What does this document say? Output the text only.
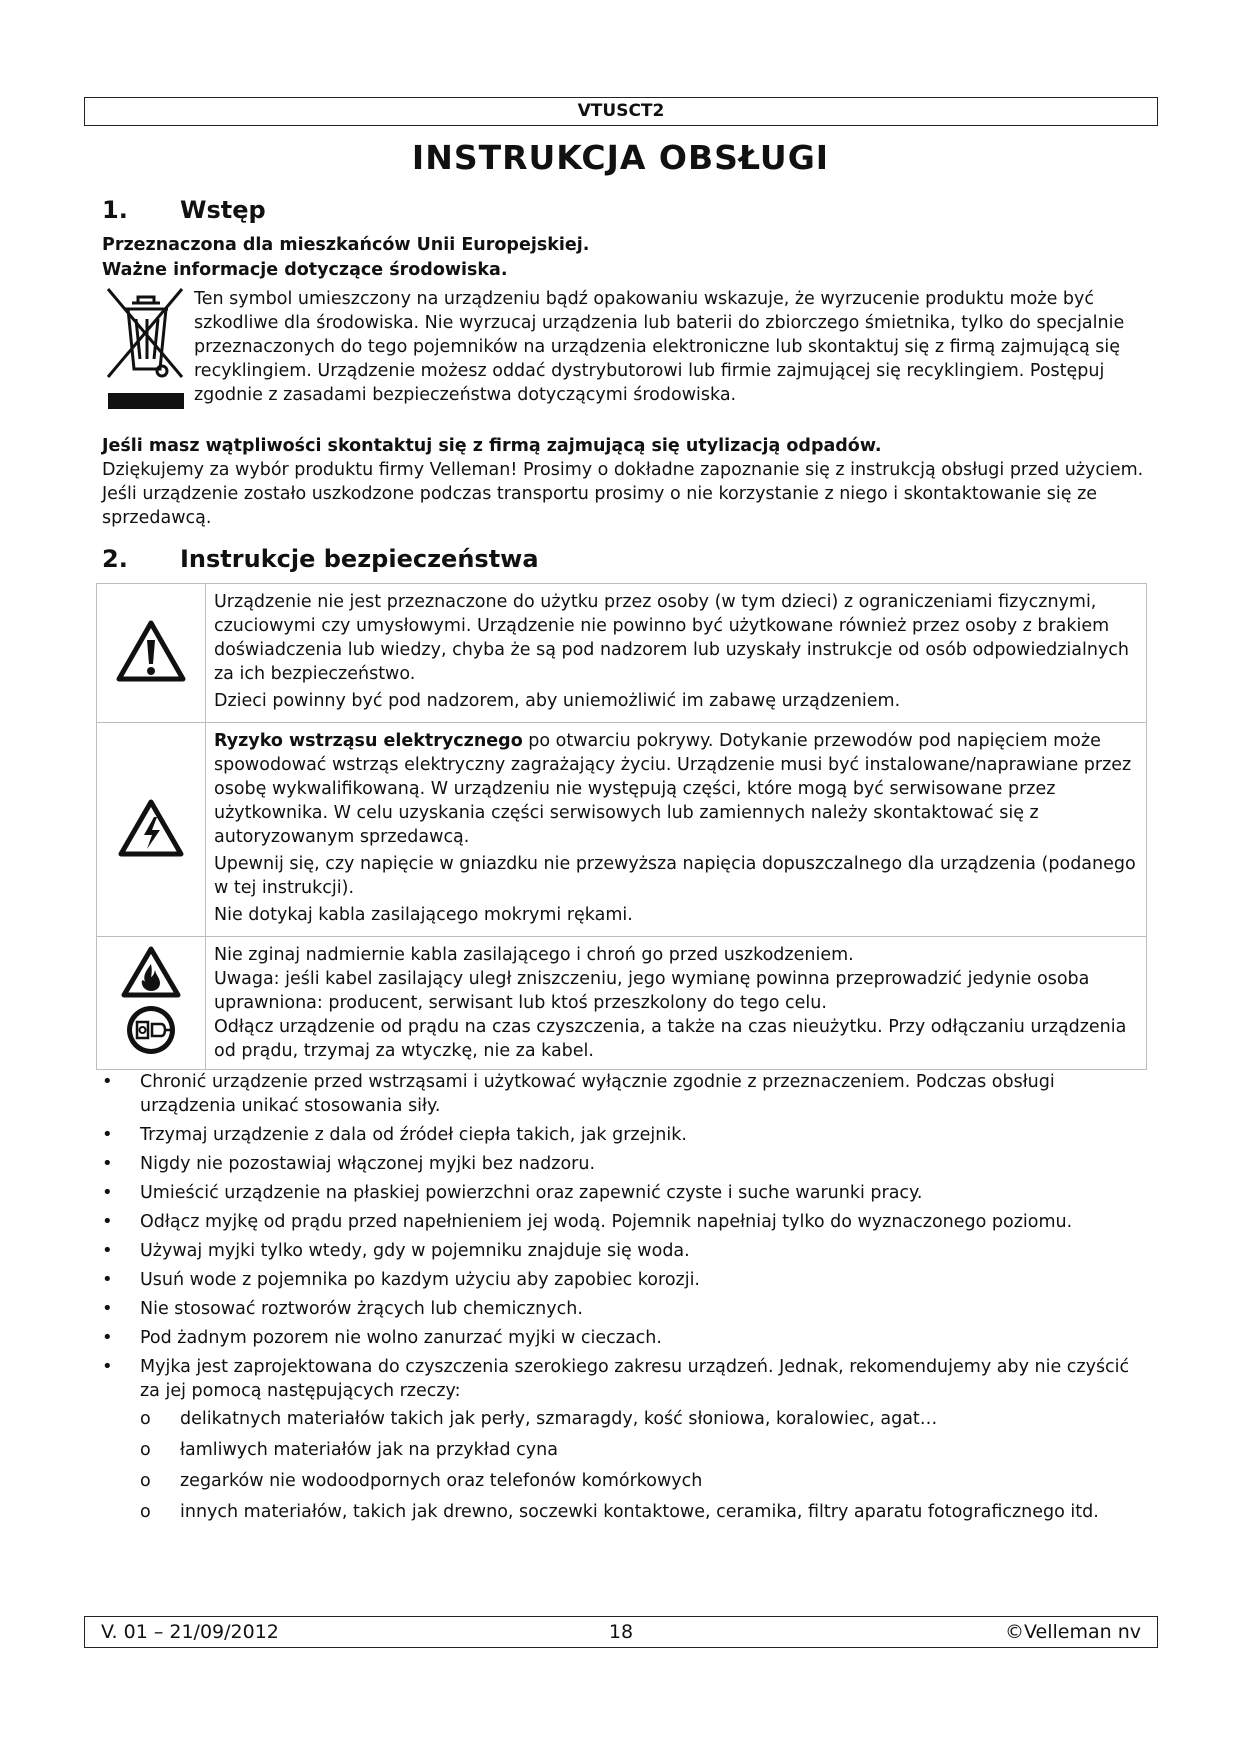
VTUSCT2
INSTRUKCJA OBSŁUGI
1. Wstęp
Przeznaczona dla mieszkańców Unii Europejskiej.
Ważne informacje dotyczące środowiska.
Ten symbol umieszczony na urządzeniu bądź opakowaniu wskazuje, że wyrzucenie produktu może być szkodliwe dla środowiska. Nie wyrzucaj urządzenia lub baterii do zbiorczego śmietnika, tylko do specjalnie przeznaczonych do tego pojemników na urządzenia elektroniczne lub skontaktuj się z firmą zajmującą się recyklingiem. Urządzenie możesz oddać dystrybutorowi lub firmie zajmującej się recyklingiem. Postępuj zgodnie z zasadami bezpieczeństwa dotyczącymi środowiska.
Jeśli masz wątpliwości skontaktuj się z firmą zajmującą się utylizacją odpadów.
Dziękujemy za wybór produktu firmy Velleman! Prosimy o dokładne zapoznanie się z instrukcją obsługi przed użyciem. Jeśli urządzenie zostało uszkodzone podczas transportu prosimy o nie korzystanie z niego i skontaktowanie się ze sprzedawcą.
2. Instrukcje bezpieczeństwa

Urządzenie nie jest przeznaczone do użytku przez osoby (w tym dzieci) z ograniczeniami fizycznymi, czuciowymi czy umysłowymi. Urządzenie nie powinno być użytkowane również przez osoby z brakiem doświadczenia lub wiedzy, chyba że są pod nadzorem lub uzyskały instrukcje od osób odpowiedzialnych za ich bezpieczeństwo.

Dzieci powinny być pod nadzorem, aby uniemożliwić im zabawę urządzeniem.

Ryzyko wstrząsu elektrycznego po otwarciu pokrywy. Dotykanie przewodów pod napięciem może spowodować wstrząs elektryczny zagrażający życiu. Urządzenie musi być instalowane/naprawiane przez osobę wykwalifikowaną. W urządzeniu nie występują części, które mogą być serwisowane przez użytkownika. W celu uzyskania części serwisowych lub zamiennych należy skontaktować się z autoryzowanym sprzedawcą.

Upewnij się, czy napięcie w gniazdku nie przewyższa napięcia dopuszczalnego dla urządzenia (podanego w tej instrukcji).

Nie dotykaj kabla zasilającego mokrymi rękami.

Nie zginaj nadmiernie kabla zasilającego i chroń go przed uszkodzeniem.

Uwaga: jeśli kabel zasilający uległ zniszczeniu, jego wymianę powinna przeprowadzić jedynie osoba uprawniona: producent, serwisant lub ktoś przeszkolony do tego celu.

Odłącz urządzenie od prądu na czas czyszczenia, a także na czas nieużytku. Przy odłączaniu urządzenia od prądu, trzymaj za wtyczkę, nie za kabel.

• Chronić urządzenie przed wstrząsami i użytkować wyłącznie zgodnie z przeznaczeniem. Podczas obsługi urządzenia unikać stosowania siły.
• Trzymaj urządzenie z dala od źródeł ciepła takich, jak grzejnik.
• Nigdy nie pozostawiaj włączonej myjki bez nadzoru.
• Umieścić urządzenie na płaskiej powierzchni oraz zapewnić czyste i suche warunki pracy.
• Odłącz myjkę od prądu przed napełnieniem jej wodą. Pojemnik napełniaj tylko do wyznaczonego poziomu.
• Używaj myjki tylko wtedy, gdy w pojemniku znajduje się woda.
• Usuń wode z pojemnika po kazdym użyciu aby zapobiec korozji.
• Nie stosować roztworów żrących lub chemicznych.
• Pod żadnym pozorem nie wolno zanurzać myjki w cieczach.
• Myjka jest zaprojektowana do czyszczenia szerokiego zakresu urządzeń. Jednak, rekomendujemy aby nie czyścić za jej pomocą następujących rzeczy:
o delikatnych materiałów takich jak perły, szmaragdy, kość słoniowa, koralowiec, agat…
o łamliwych materiałów jak na przykład cyna
o zegarków nie wodoodpornych oraz telefonów komórkowych
o innych materiałów, takich jak drewno, soczewki kontaktowe, ceramika, filtry aparatu fotograficznego itd.
V. 01 – 21/09/2012	18	©Velleman nv
